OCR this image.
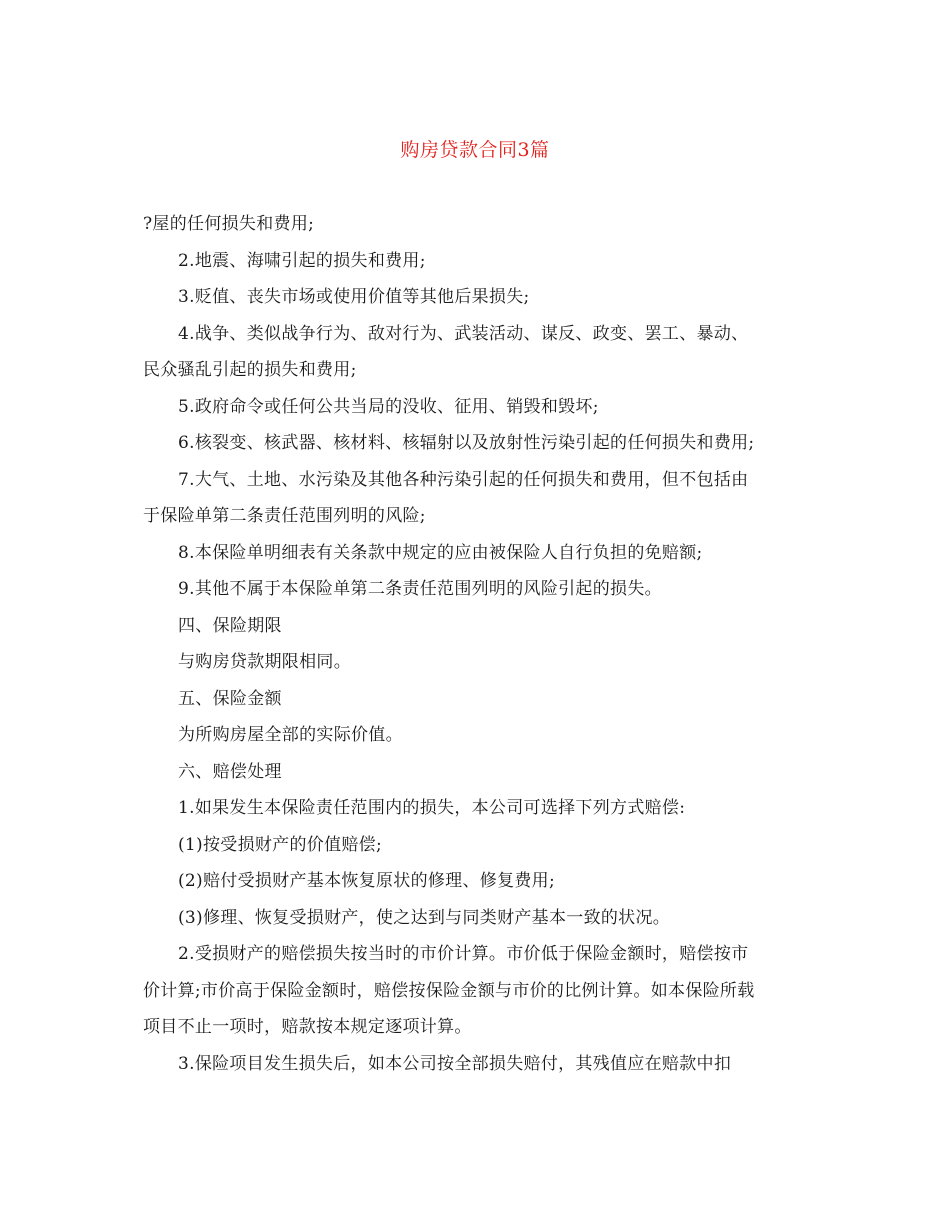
购房贷款合同3篇

?屋的任何损失和费用;

2.地震、海啸引起的损失和费用;

3.贬值、丧失市场或使用价值等其他后果损失;

4.战争、类似战争行为、敌对行为、武装活动、谋反、政变、罢工、暴动、

民众骚乱引起的损失和费用;

5.政府命令或任何公共当局的没收、征用、销毁和毁坏;

6.核裂变、核武器、核材料、核辐射以及放射性污染引起的任何损失和费用;

7.大气、土地、水污染及其他各种污染引起的任何损失和费用，但不包括由

于保险单第二条责任范围列明的风险;

8.本保险单明细表有关条款中规定的应由被保险人自行负担的免赔额;

9.其他不属于本保险单第二条责任范围列明的风险引起的损失。

四、保险期限

与购房贷款期限相同。

五、保险金额

为所购房屋全部的实际价值。

六、赔偿处理

1.如果发生本保险责任范围内的损失，本公司可选择下列方式赔偿:

(1)按受损财产的价值赔偿;

(2)赔付受损财产基本恢复原状的修理、修复费用;

(3)修理、恢复受损财产，使之达到与同类财产基本一致的状况。

2.受损财产的赔偿损失按当时的市价计算。市价低于保险金额时，赔偿按市

价计算;市价高于保险金额时，赔偿按保险金额与市价的比例计算。如本保险所载

项目不止一项时，赔款按本规定逐项计算。

3.保险项目发生损失后，如本公司按全部损失赔付，其残值应在赔款中扣
